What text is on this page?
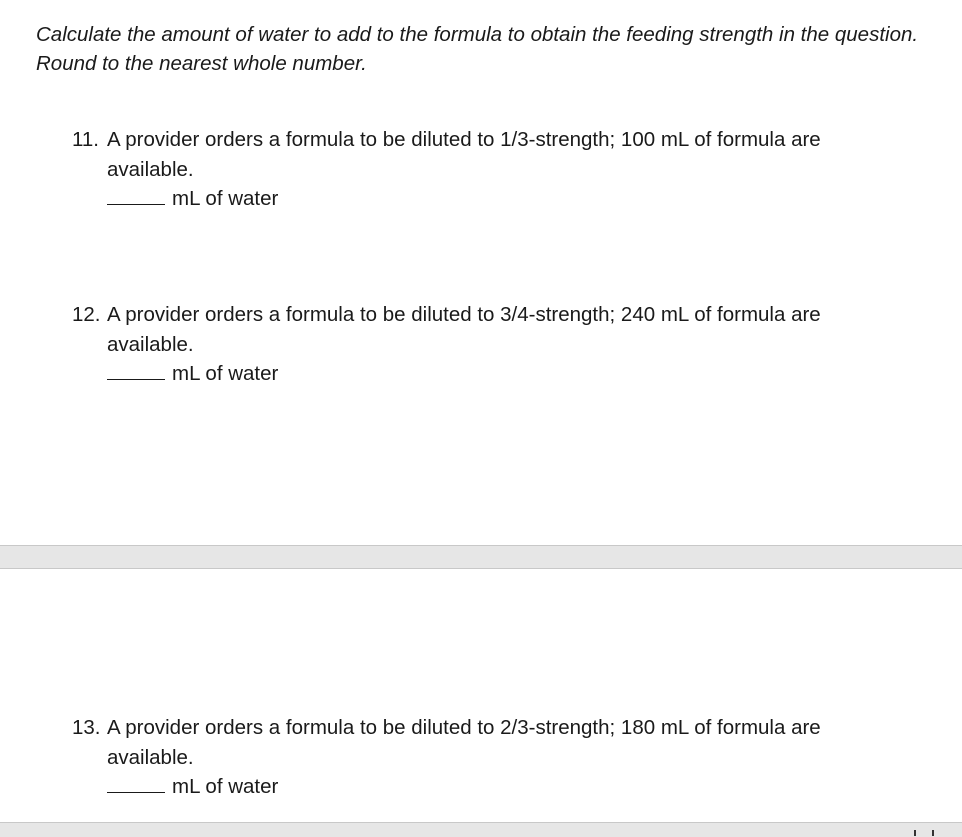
Calculate the amount of water to add to the formula to obtain the feeding strength in the question. Round to the nearest whole number.

11. A provider orders a formula to be diluted to 1/3-strength; 100 mL of formula are
available.
mL of water
12. A provider orders a formula to be diluted to 3/4-strength; 240 mL of formula are
available.
mL of water
13. A provider orders a formula to be diluted to 2/3-strength; 180 mL of formula are
available.
mL of water
